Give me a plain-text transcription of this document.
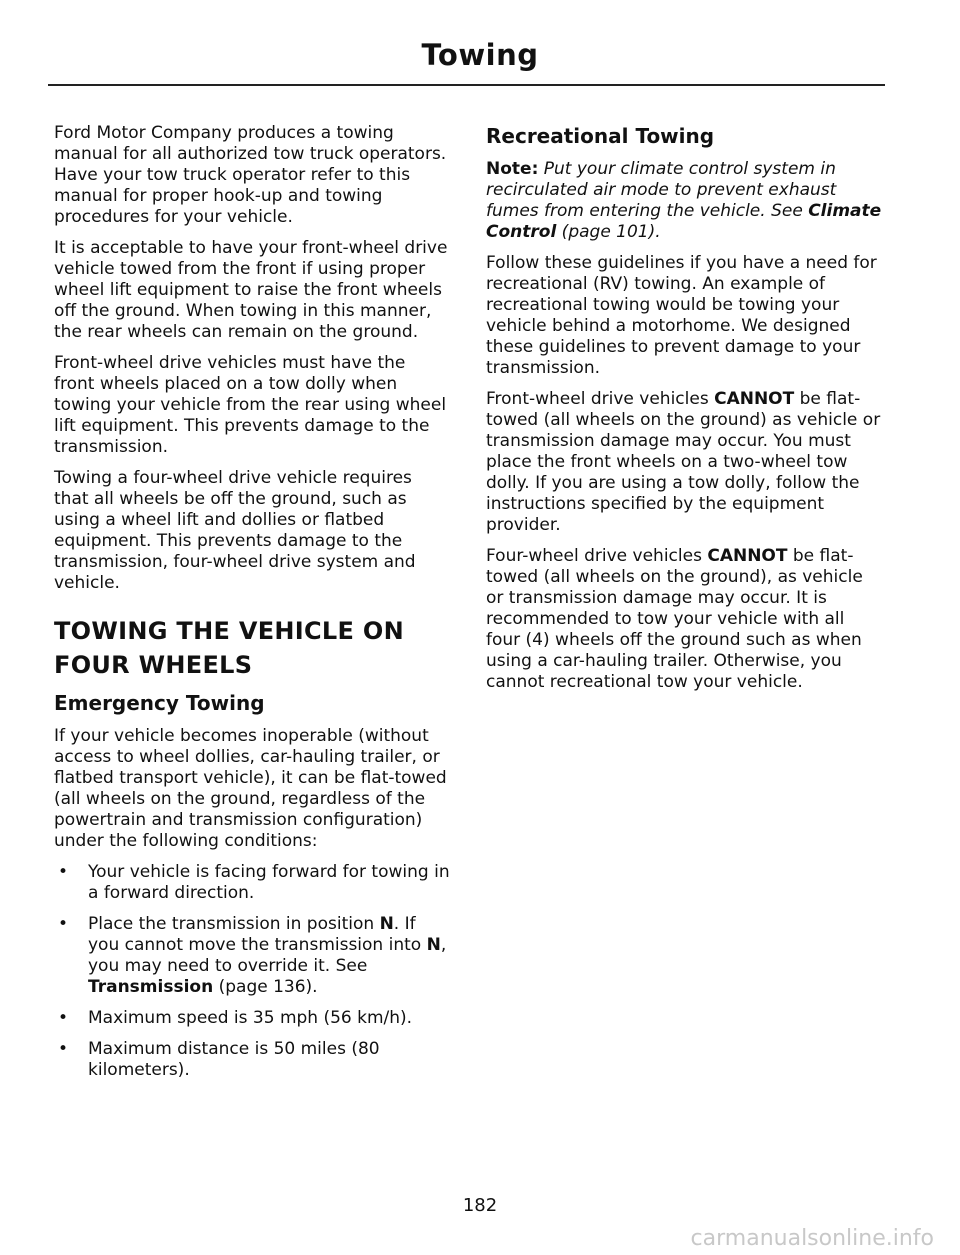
Towing

Ford Motor Company produces a towing manual for all authorized tow truck operators. Have your tow truck operator refer to this manual for proper hook-up and towing procedures for your vehicle.

It is acceptable to have your front-wheel drive vehicle towed from the front if using proper wheel lift equipment to raise the front wheels off the ground. When towing in this manner, the rear wheels can remain on the ground.

Front-wheel drive vehicles must have the front wheels placed on a tow dolly when towing your vehicle from the rear using wheel lift equipment. This prevents damage to the transmission.

Towing a four-wheel drive vehicle requires that all wheels be off the ground, such as using a wheel lift and dollies or flatbed equipment. This prevents damage to the transmission, four-wheel drive system and vehicle.

TOWING THE VEHICLE ON FOUR WHEELS
Emergency Towing

If your vehicle becomes inoperable (without access to wheel dollies, car-hauling trailer, or flatbed transport vehicle), it can be flat-towed (all wheels on the ground, regardless of the powertrain and transmission configuration) under the following conditions:

• Your vehicle is facing forward for towing in a forward direction.
• Place the transmission in position N. If you cannot move the transmission into N, you may need to override it. See Transmission (page 136).
• Maximum speed is 35 mph (56 km/h).
• Maximum distance is 50 miles (80 kilometers).
Recreational Towing

Note: Put your climate control system in recirculated air mode to prevent exhaust fumes from entering the vehicle. See Climate Control (page 101).

Follow these guidelines if you have a need for recreational (RV) towing. An example of recreational towing would be towing your vehicle behind a motorhome. We designed these guidelines to prevent damage to your transmission.

Front-wheel drive vehicles CANNOT be flat-towed (all wheels on the ground) as vehicle or transmission damage may occur. You must place the front wheels on a two-wheel tow dolly. If you are using a tow dolly, follow the instructions specified by the equipment provider.

Four-wheel drive vehicles CANNOT be flat-towed (all wheels on the ground), as vehicle or transmission damage may occur. It is recommended to tow your vehicle with all four (4) wheels off the ground such as when using a car-hauling trailer. Otherwise, you cannot recreational tow your vehicle.

182
carmanualsonline.info
